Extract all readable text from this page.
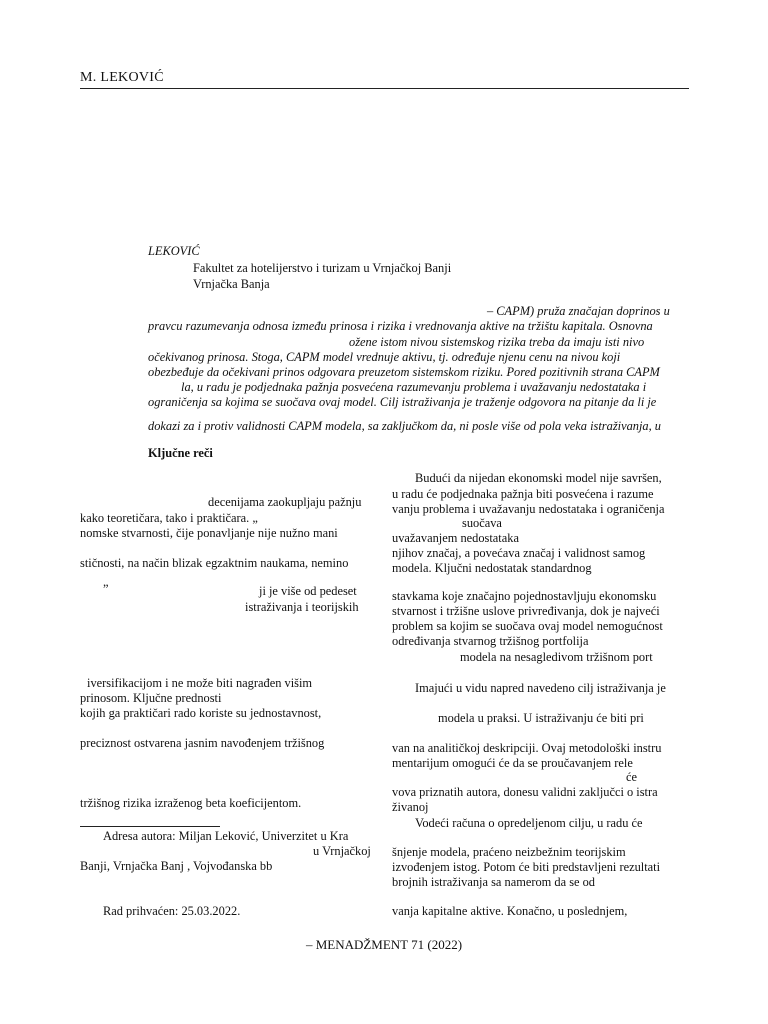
M. LEKOVIĆ
LEKOVIĆ
Fakultet za hotelijerstvo i turizam u Vrnjačkoj Banji
Vrnjačka Banja
– CAPM) pruža značajan doprinos u
pravcu razumevanja odnosa između prinosa i rizika i vrednovanja aktive na tržištu kapitala. Osnovna
ožene istom nivou sistemskog rizika treba da imaju isti nivo
očekivanog prinosa. Stoga, CAPM model vrednuje aktivu, tj. određuje njenu cenu na nivou koji
obezbeđuje da očekivani prinos odgovara preuzetom sistemskom riziku. Pored pozitivnih strana CAPM
la, u radu je podjednaka pažnja posvećena razumevanju problema i uvažavanju nedostataka i
ograničenja sa kojima se suočava ovaj model. Cilj istraživanja je traženje odgovora na pitanje da li je
dokazi za i protiv validnosti CAPM modela, sa zaključkom da, ni posle više od pola veka istraživanja, u
Ključne reči
decenijama zaokupljaju pažnju
kako teoretičara, tako i praktičara. „
nomske stvarnosti, čije ponavljanje nije nužno mani
stičnosti, na način blizak egzaktnim naukama, nemino
”	ji je više od pedeset
istraživanja i teorijskih
iversifikacijom i ne može biti nagrađen višim
prinosom. Ključne prednosti
kojih ga praktičari rado koriste su jednostavnost,
preciznost ostvarena jasnim navođenjem tržišnog
tržišnog rizika izraženog beta koeficijentom.
Budući da nijedan ekonomski model nije savršen,
u radu će podjednaka pažnja biti posvećena i razume
vanju problema i uvažavanju nedostataka i ograničenja
suočava
uvažavanjem nedostataka
njihov značaj, a povećava značaj i validnost samog
modela. Ključni nedostatak standardnog
stavkama koje značajno pojednostavljuju ekonomsku
stvarnost i tržišne uslove privređivanja, dok je najveći
problem sa kojim se suočava ovaj model nemogućnost
određivanja stvarnog tržišnog portfolija
modela na nesagledivom tržišnom port
Imajući u vidu napred navedeno cilj istraživanja je
modela u praksi. U istraživanju će biti pri
van na analitičkoj deskripciji. Ovaj metodološki instru
mentarijum omogući će da se proučavanjem rele
će
vova priznatih autora, donesu validni zaključci o istra
živanoj
Vodeći računa o opredeljenom cilju, u radu će
šnjenje modela, praćeno neizbežnim teorijskim
izvođenjem istog. Potom će biti predstavljeni rezultati
brojnih istraživanja sa namerom da se od
vanja kapitalne aktive. Konačno, u poslednjem,
Adresa autora: Miljan Leković, Univerzitet u Kra
u Vrnjačkoj
Banji, Vrnjačka Banj , Vojvođanska bb
Rad prihvaćen: 25.03.2022.
– MENADŽMENT 71 (2022)
